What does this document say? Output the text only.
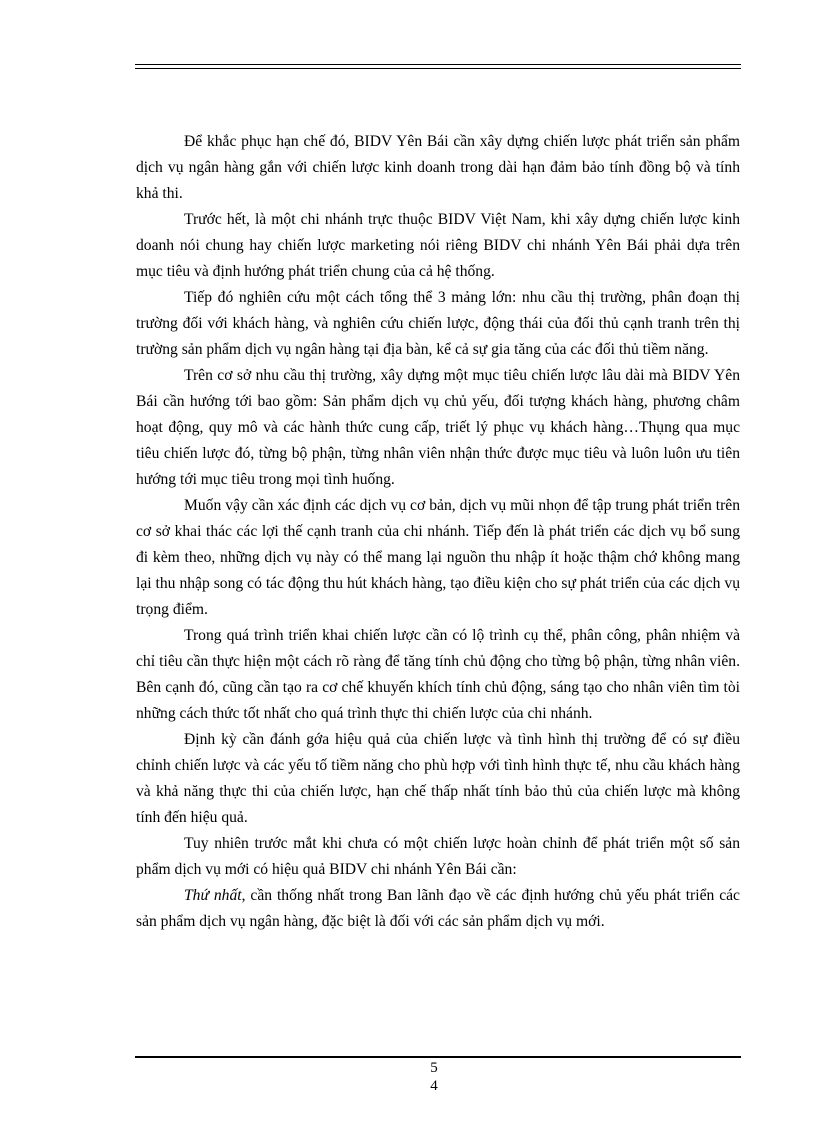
Để khắc phục hạn chế đó, BIDV Yên Bái cần xây dựng chiến lược phát triển sản phẩm dịch vụ ngân hàng gắn với chiến lược kinh doanh trong dài hạn đảm bảo tính đồng bộ và tính khả thi.

Trước hết, là một chi nhánh trực thuộc BIDV Việt Nam, khi xây dựng chiến lược kinh doanh nói chung hay chiến lược marketing nói riêng BIDV chi nhánh Yên Bái phải dựa trên mục tiêu và định hướng phát triển chung của cả hệ thống.

Tiếp đó nghiên cứu một cách tổng thể 3 mảng lớn: nhu cầu thị trường, phân đoạn thị trường đối với khách hàng, và nghiên cứu chiến lược, động thái của đối thủ cạnh tranh trên thị trường sản phẩm dịch vụ ngân hàng tại địa bàn, kể cả sự gia tăng của các đối thủ tiềm năng.

Trên cơ sở nhu cầu thị trường, xây dựng một mục tiêu chiến lược lâu dài mà BIDV Yên Bái cần hướng tới bao gồm: Sản phẩm dịch vụ chủ yếu, đối tượng khách hàng, phương châm hoạt động, quy mô và các hành thức cung cấp, triết lý phục vụ khách hàng…Thụng qua mục tiêu chiến lược đó, từng bộ phận, từng nhân viên nhận thức được mục tiêu và luôn luôn ưu tiên hướng tới mục tiêu trong mọi tình huống.

Muốn vậy cần xác định các dịch vụ cơ bản, dịch vụ mũi nhọn để tập trung phát triển trên cơ sở khai thác các lợi thế cạnh tranh của chi nhánh. Tiếp đến là phát triển các dịch vụ bổ sung đi kèm theo, những dịch vụ này có thể mang lại nguồn thu nhập ít hoặc thậm chớ không mang lại thu nhập song có tác động thu hút khách hàng, tạo điều kiện cho sự phát triển của các dịch vụ trọng điểm.

Trong quá trình triển khai chiến lược cần có lộ trình cụ thể, phân công, phân nhiệm và chỉ tiêu cần thực hiện một cách rõ ràng để tăng tính chủ động cho từng bộ phận, từng nhân viên. Bên cạnh đó, cũng cần tạo ra cơ chế khuyến khích tính chủ động, sáng tạo cho nhân viên tìm tòi những cách thức tốt nhất cho quá trình thực thi chiến lược của chi nhánh.

Định kỳ cần đánh gớa hiệu quả của chiến lược và tình hình thị trường để có sự điều chỉnh chiến lược và các yếu tố tiềm năng cho phù hợp với tình hình thực tế, nhu cầu khách hàng và khả năng thực thi của chiến lược, hạn chế thấp nhất tính bảo thủ của chiến lược mà không tính đến hiệu quả.

Tuy nhiên trước mắt khi chưa có một chiến lược hoàn chỉnh để phát triển một số sản phẩm dịch vụ mới có hiệu quả BIDV chi nhánh Yên Bái cần:

Thứ nhất, cần thống nhất trong Ban lãnh đạo về các định hướng chủ yếu phát triển các sản phẩm dịch vụ ngân hàng, đặc biệt là đối với các sản phẩm dịch vụ mới.

5
4
